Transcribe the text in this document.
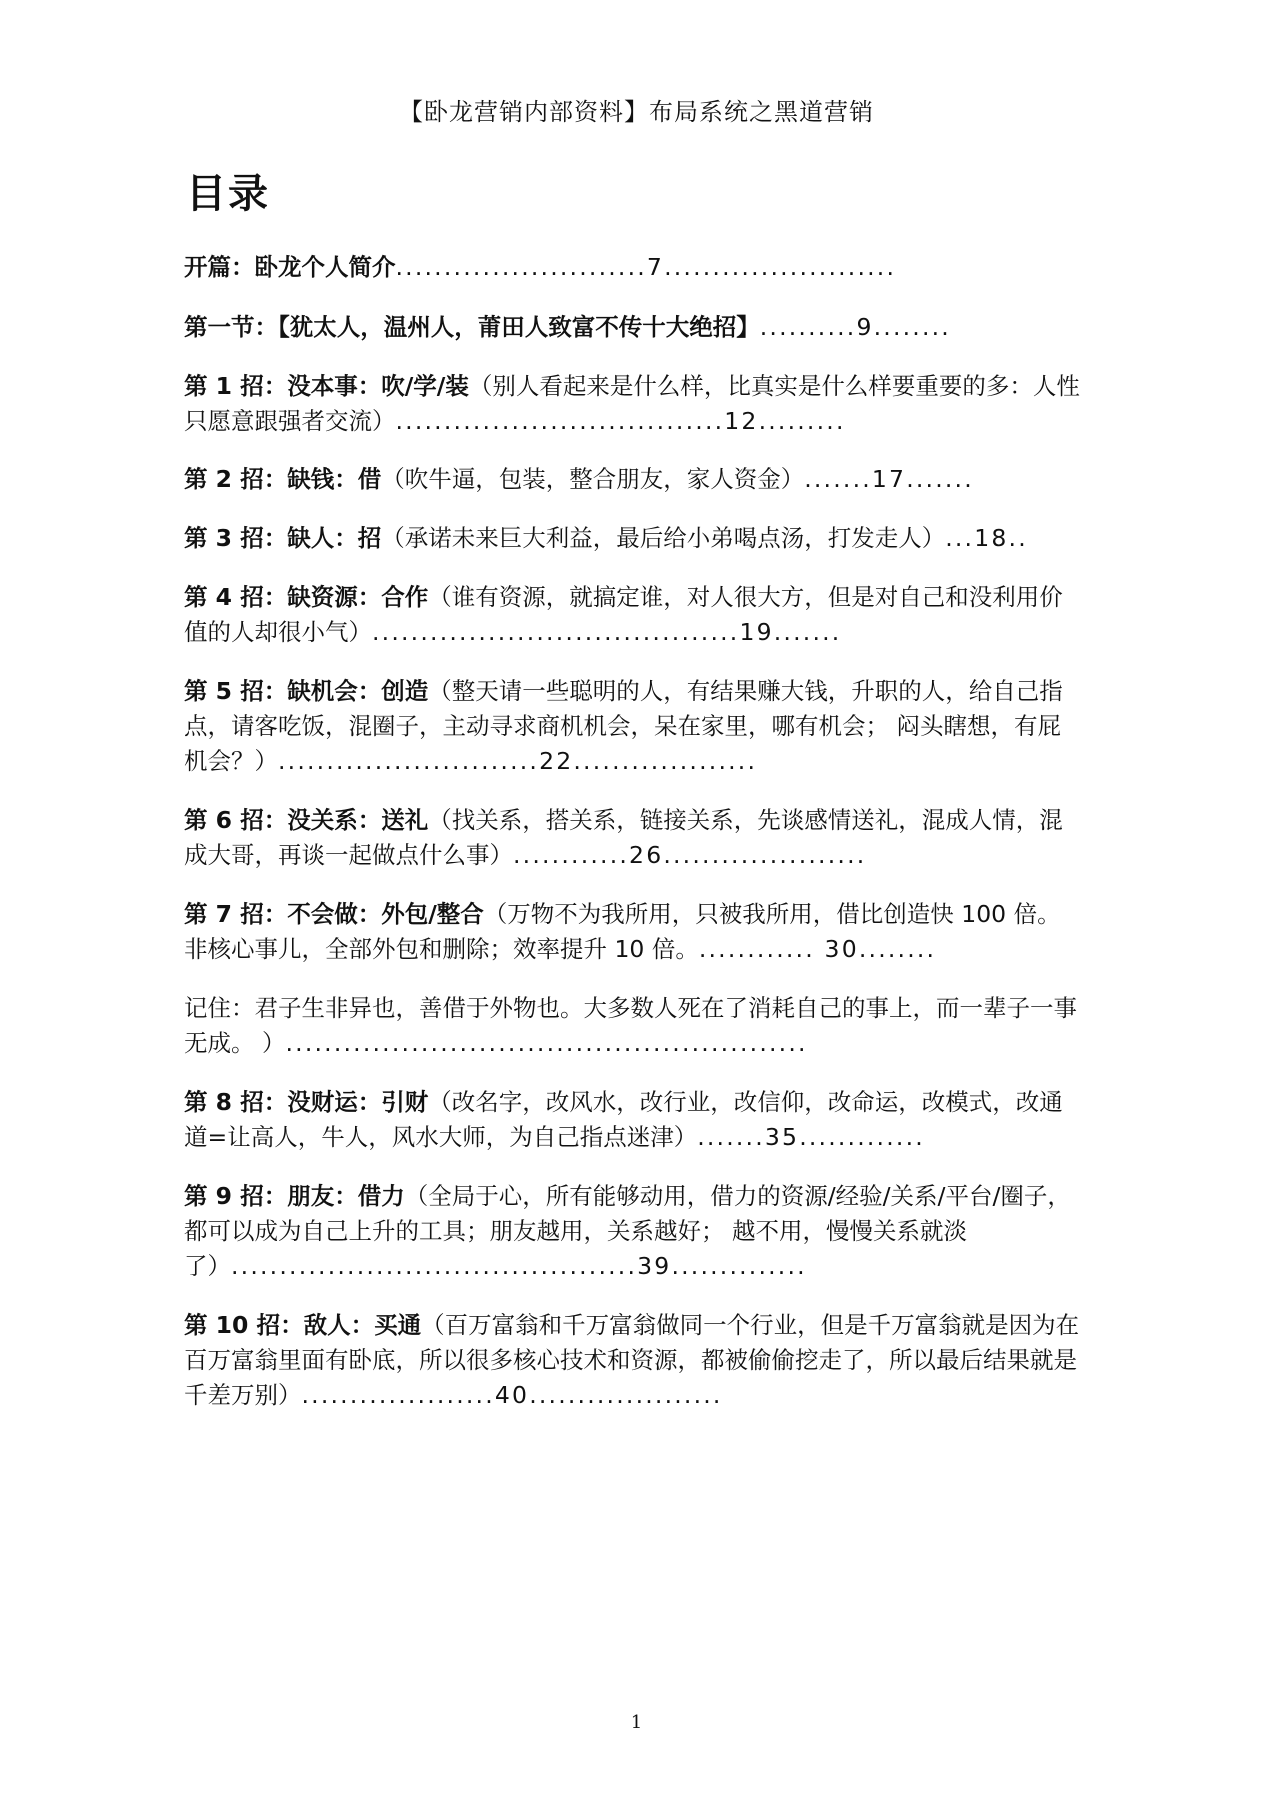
【卧龙营销内部资料】布局系统之黑道营销
目录

开篇：卧龙个人简介..........................7........................

第一节：【犹太人，温州人，莆田人致富不传十大绝招】..........9........

第 1 招：没本事：吹/学/装（别人看起来是什么样，比真实是什么样要重要的多：人性只愿意跟强者交流）..................................12.........

第 2 招：缺钱：借（吹牛逼，包装，整合朋友，家人资金）.......17.......

第 3 招：缺人：招（承诺未来巨大利益，最后给小弟喝点汤，打发走人）...18..

第 4 招：缺资源：合作（谁有资源，就搞定谁，对人很大方，但是对自己和没利用价值的人却很小气）......................................19.......

第 5 招：缺机会：创造（整天请一些聪明的人，有结果赚大钱，升职的人，给自己指点，请客吃饭，混圈子，主动寻求商机机会，呆在家里，哪有机会； 闷头瞎想，有屁机会？）...........................22...................

第 6 招：没关系：送礼（找关系，搭关系，链接关系，先谈感情送礼，混成人情，混成大哥，再谈一起做点什么事）............26.....................

第 7 招：不会做：外包/整合（万物不为我所用，只被我所用，借比创造快 100 倍。 非核心事儿，全部外包和删除；效率提升 10 倍。............ 30........

记住：君子生非异也，善借于外物也。大多数人死在了消耗自己的事上，而一辈子一事无成。 ）......................................................

第 8 招：没财运：引财（改名字，改风水，改行业，改信仰，改命运，改模式，改通道=让高人，牛人，风水大师，为自己指点迷津）.......35.............

第 9 招：朋友：借力（全局于心，所有能够动用，借力的资源/经验/关系/平台/圈子，都可以成为自己上升的工具；朋友越用，关系越好； 越不用，慢慢关系就淡了）..........................................39..............

第 10 招：敌人：买通（百万富翁和千万富翁做同一个行业，但是千万富翁就是因为在百万富翁里面有卧底，所以很多核心技术和资源，都被偷偷挖走了，所以最后结果就是千差万别）....................40....................

1
